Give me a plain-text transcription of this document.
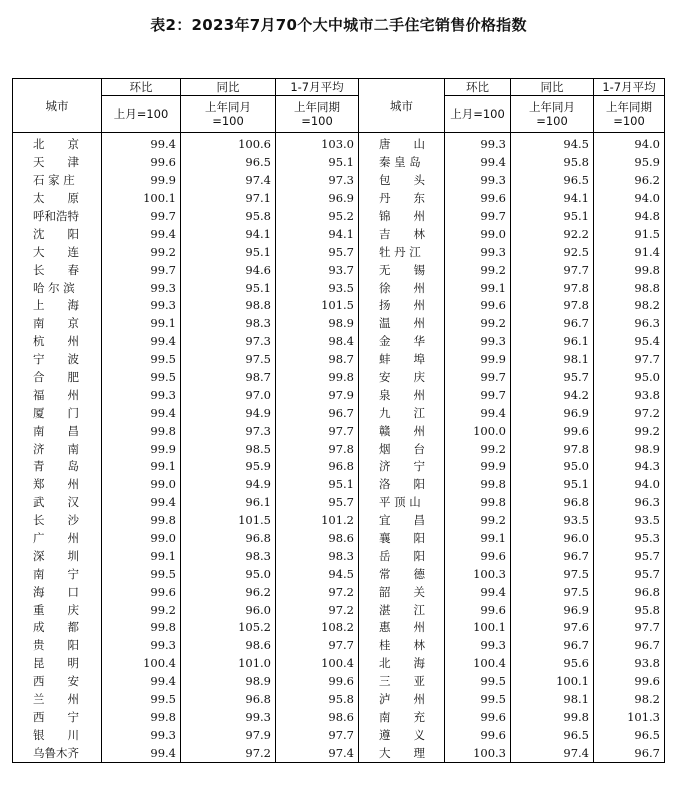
表2：2023年7月70个大中城市二手住宅销售价格指数
城市	环比	同比	1-7月平均	城市	环比	同比	1-7月平均
	上月=100	上年同月=100	上年同期=100		上月=100	上年同月=100	上年同期=100
北　　京	99.4	100.6	103.0	唐　　山	99.3	94.5	94.0
天　　津	99.6	96.5	95.1	秦 皇 岛	99.4	95.8	95.9
石 家 庄	99.9	97.4	97.3	包　　头	99.3	96.5	96.2
太　　原	100.1	97.1	96.9	丹　　东	99.6	94.1	94.0
呼和浩特	99.7	95.8	95.2	锦　　州	99.7	95.1	94.8
沈　　阳	99.4	94.1	94.1	吉　　林	99.0	92.2	91.5
大　　连	99.2	95.1	95.7	牡 丹 江	99.3	92.5	91.4
长　　春	99.7	94.6	93.7	无　　锡	99.2	97.7	99.8
哈 尔 滨	99.3	95.1	93.5	徐　　州	99.1	97.8	98.8
上　　海	99.3	98.8	101.5	扬　　州	99.6	97.8	98.2
南　　京	99.1	98.3	98.9	温　　州	99.2	96.7	96.3
杭　　州	99.4	97.3	98.4	金　　华	99.3	96.1	95.4
宁　　波	99.5	97.5	98.7	蚌　　埠	99.9	98.1	97.7
合　　肥	99.5	98.7	99.8	安　　庆	99.7	95.7	95.0
福　　州	99.3	97.0	97.9	泉　　州	99.7	94.2	93.8
厦　　门	99.4	94.9	96.7	九　　江	99.4	96.9	97.2
南　　昌	99.8	97.3	97.7	赣　　州	100.0	99.6	99.2
济　　南	99.9	98.5	97.8	烟　　台	99.2	97.8	98.9
青　　岛	99.1	95.9	96.8	济　　宁	99.9	95.0	94.3
郑　　州	99.0	94.9	95.1	洛　　阳	99.8	95.1	94.0
武　　汉	99.4	96.1	95.7	平 顶 山	99.8	96.8	96.3
长　　沙	99.8	101.5	101.2	宜　　昌	99.2	93.5	93.5
广　　州	99.0	96.8	98.6	襄　　阳	99.1	96.0	95.3
深　　圳	99.1	98.3	98.3	岳　　阳	99.6	96.7	95.7
南　　宁	99.5	95.0	94.5	常　　德	100.3	97.5	95.7
海　　口	99.6	96.2	97.2	韶　　关	99.4	97.5	96.8
重　　庆	99.2	96.0	97.2	湛　　江	99.6	96.9	95.8
成　　都	99.8	105.2	108.2	惠　　州	100.1	97.6	97.7
贵　　阳	99.3	98.6	97.7	桂　　林	99.3	96.7	96.7
昆　　明	100.4	101.0	100.4	北　　海	100.4	95.6	93.8
西　　安	99.4	98.9	99.6	三　　亚	99.5	100.1	99.6
兰　　州	99.5	96.8	95.8	泸　　州	99.5	98.1	98.2
西　　宁	99.8	99.3	98.6	南　　充	99.6	99.8	101.3
银　　川	99.3	97.9	97.7	遵　　义	99.6	96.5	96.5
乌鲁木齐	99.4	97.2	97.4	大　　理	100.3	97.4	96.7
